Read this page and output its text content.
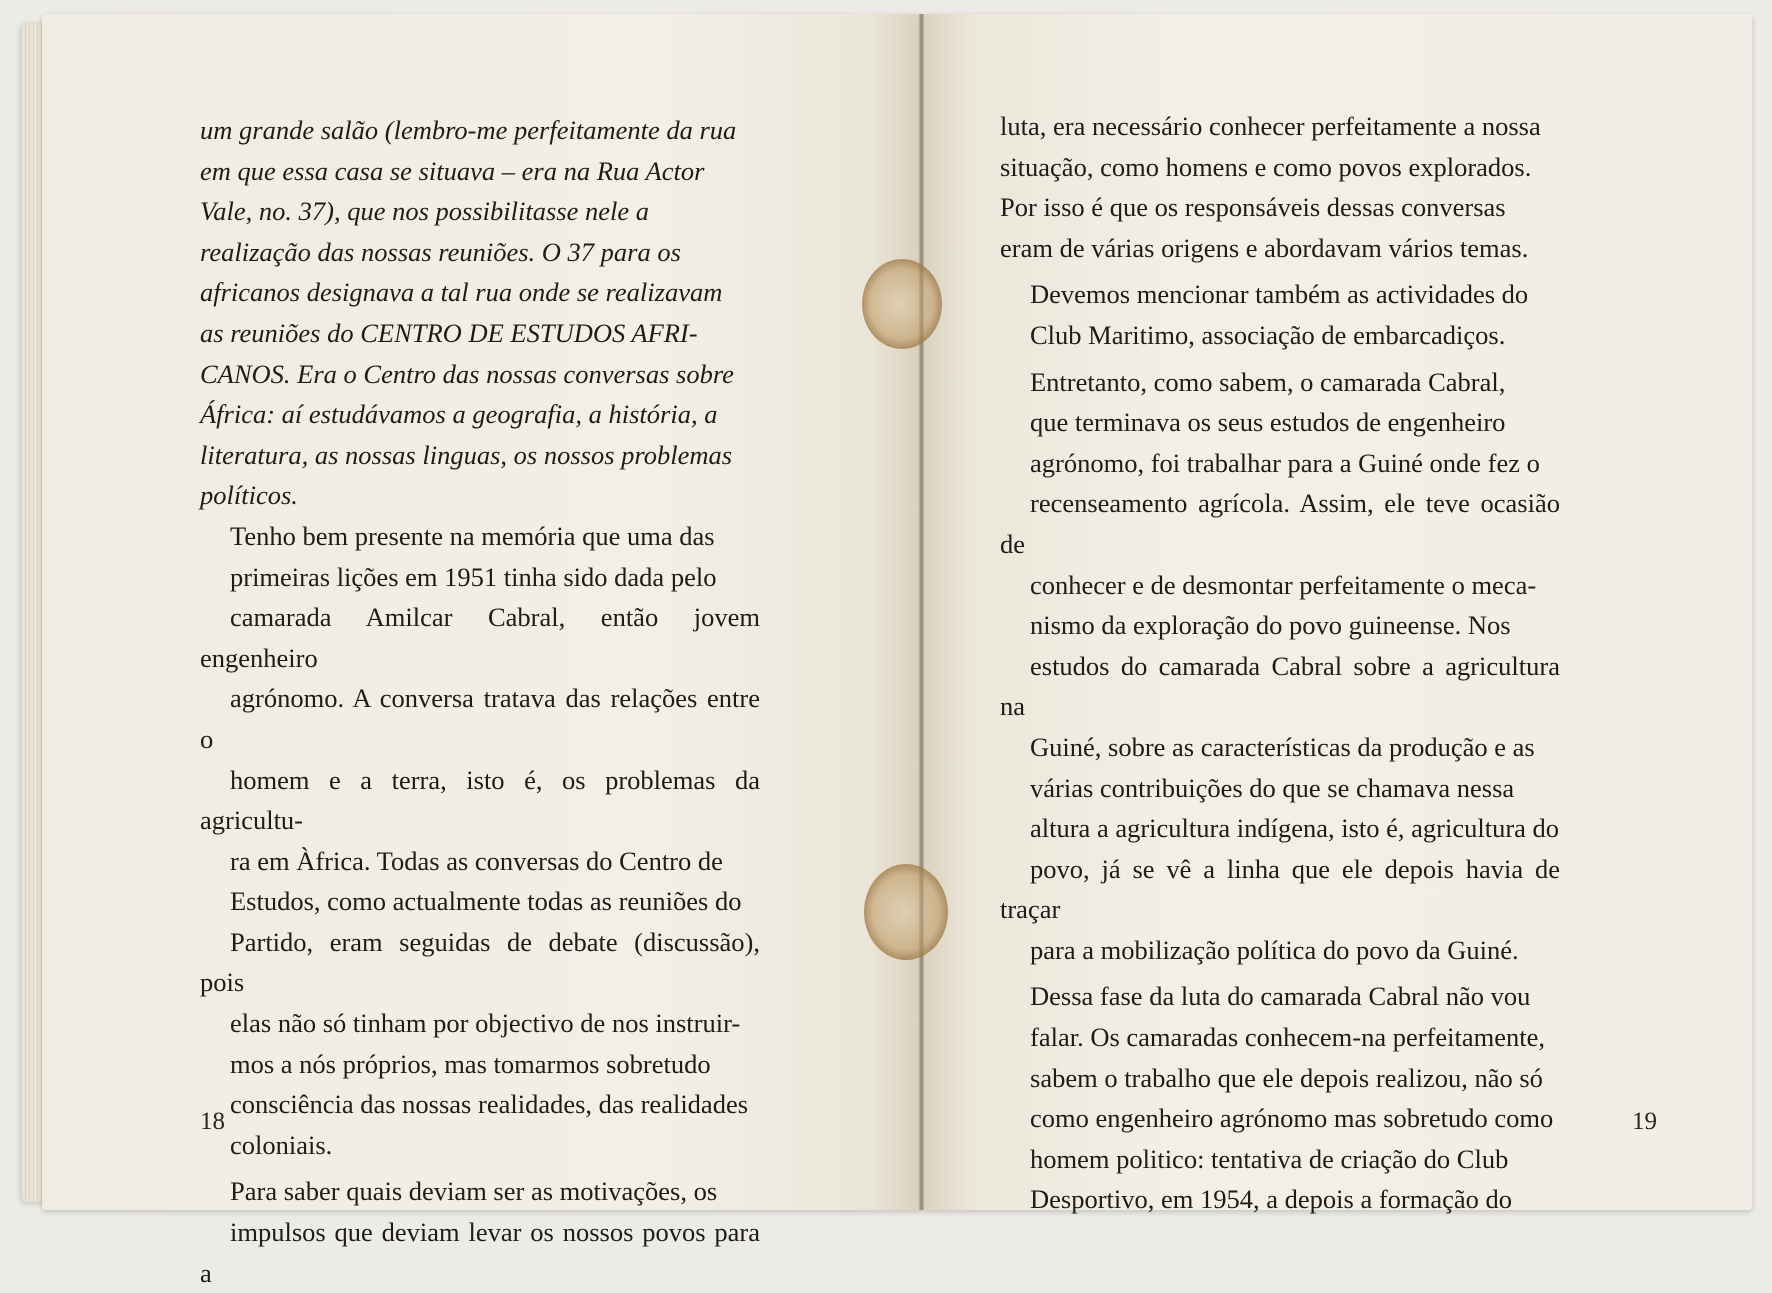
um grande salão (lembro-me perfeitamente da rua
em que essa casa se situava – era na Rua Actor
Vale, no. 37), que nos possibilitasse nele a
realização das nossas reuniões. O 37 para os
africanos designava a tal rua onde se realizavam
as reuniões do CENTRO DE ESTUDOS AFRI-
CANOS. Era o Centro das nossas conversas sobre
África: aí estudávamos a geografia, a história, a
literatura, as nossas linguas, os nossos problemas
políticos.

Tenho bem presente na memória que uma das
primeiras lições em 1951 tinha sido dada pelo
camarada Amilcar Cabral, então jovem engenheiro
agrónomo. A conversa tratava das relações entre o
homem e a terra, isto é, os problemas da agricultu-
ra em Àfrica. Todas as conversas do Centro de
Estudos, como actualmente todas as reuniões do
Partido, eram seguidas de debate (discussão), pois
elas não só tinham por objectivo de nos instruir-
mos a nós próprios, mas tomarmos sobretudo
consciência das nossas realidades, das realidades
coloniais.

Para saber quais deviam ser as motivações, os
impulsos que deviam levar os nossos povos para a

18

luta, era necessário conhecer perfeitamente a nossa
situação, como homens e como povos explorados.
Por isso é que os responsáveis dessas conversas
eram de várias origens e abordavam vários temas.

Devemos mencionar também as actividades do
Club Maritimo, associação de embarcadiços.

Entretanto, como sabem, o camarada Cabral,
que terminava os seus estudos de engenheiro
agrónomo, foi trabalhar para a Guiné onde fez o
recenseamento agrícola. Assim, ele teve ocasião de
conhecer e de desmontar perfeitamente o meca-
nismo da exploração do povo guineense. Nos
estudos do camarada Cabral sobre a agricultura na
Guiné, sobre as características da produção e as
várias contribuições do que se chamava nessa
altura a agricultura indígena, isto é, agricultura do
povo, já se vê a linha que ele depois havia de traçar
para a mobilização política do povo da Guiné.

Dessa fase da luta do camarada Cabral não vou
falar. Os camaradas conhecem-na perfeitamente,
sabem o trabalho que ele depois realizou, não só
como engenheiro agrónomo mas sobretudo como
homem politico: tentativa de criação do Club
Desportivo, em 1954, a depois a formação do

19
